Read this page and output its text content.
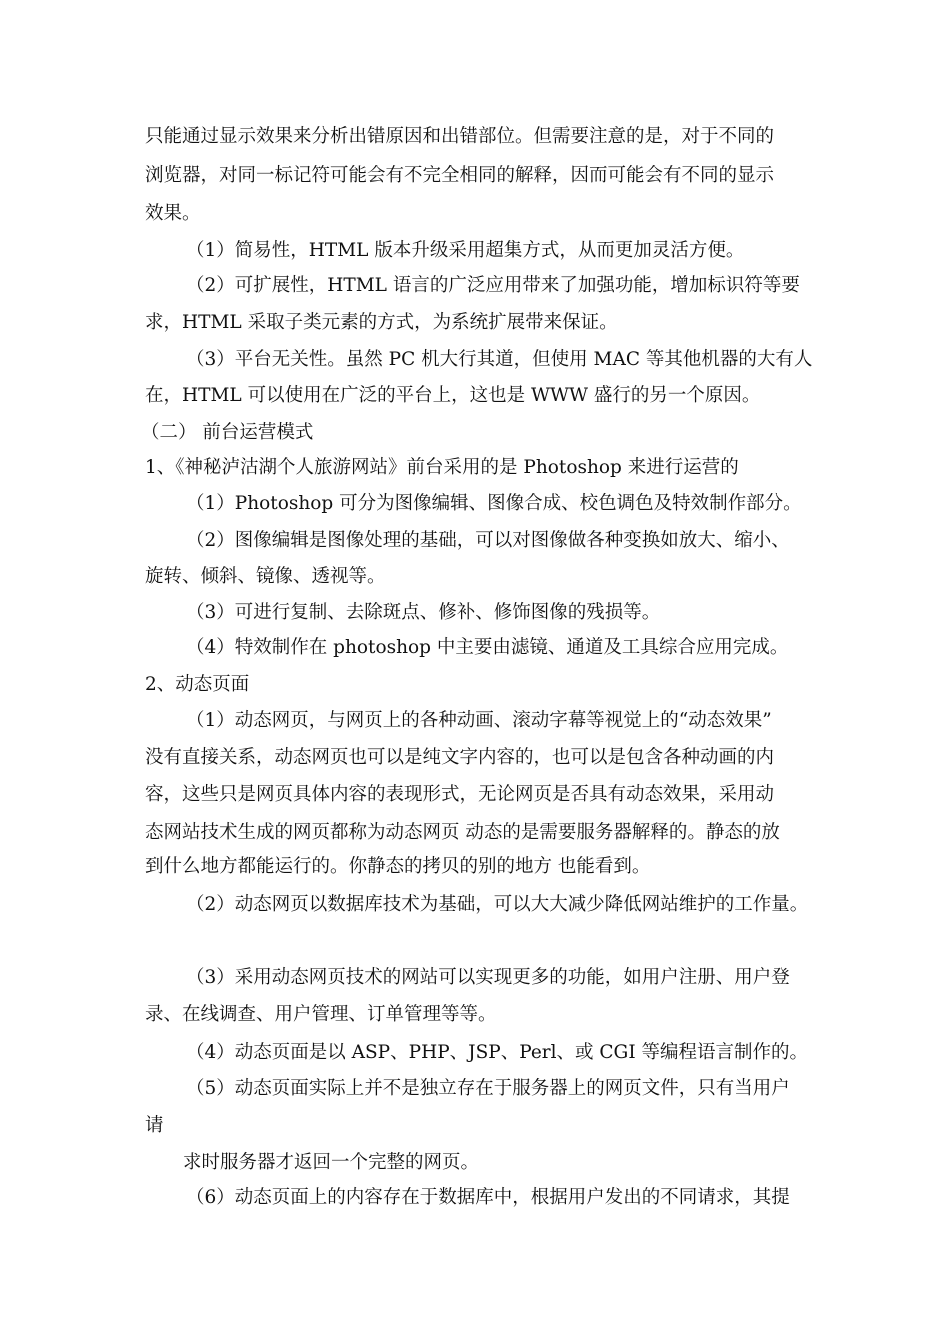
只能通过显示效果来分析出错原因和出错部位。但需要注意的是，对于不同的
浏览器，对同一标记符可能会有不完全相同的解释，因而可能会有不同的显示
效果。
（1）简易性，HTML 版本升级采用超集方式，从而更加灵活方便。
（2）可扩展性，HTML 语言的广泛应用带来了加强功能，增加标识符等要
求，HTML 采取子类元素的方式，为系统扩展带来保证。
（3）平台无关性。虽然 PC 机大行其道，但使用 MAC 等其他机器的大有人
在，HTML 可以使用在广泛的平台上，这也是 WWW 盛行的另一个原因。
（二） 前台运营模式
1、《神秘泸沽湖个人旅游网站》前台采用的是 Photoshop 来进行运营的
（1）Photoshop 可分为图像编辑、图像合成、校色调色及特效制作部分。
（2）图像编辑是图像处理的基础，可以对图像做各种变换如放大、缩小、
旋转、倾斜、镜像、透视等。
（3）可进行复制、去除斑点、修补、修饰图像的残损等。
（4）特效制作在 photoshop 中主要由滤镜、通道及工具综合应用完成。
2、动态页面
（1）动态网页，与网页上的各种动画、滚动字幕等视觉上的“动态效果”
没有直接关系，动态网页也可以是纯文字内容的，也可以是包含各种动画的内
容，这些只是网页具体内容的表现形式，无论网页是否具有动态效果，采用动
态网站技术生成的网页都称为动态网页 动态的是需要服务器解释的。静态的放
到什么地方都能运行的。你静态的拷贝的别的地方 也能看到。
（2）动态网页以数据库技术为基础，可以大大减少降低网站维护的工作量。
（3）采用动态网页技术的网站可以实现更多的功能，如用户注册、用户登
录、在线调查、用户管理、订单管理等等。
（4）动态页面是以 ASP、PHP、JSP、Perl、或 CGI 等编程语言制作的。
（5）动态页面实际上并不是独立存在于服务器上的网页文件，只有当用户
请
求时服务器才返回一个完整的网页。
（6）动态页面上的内容存在于数据库中，根据用户发出的不同请求，其提
